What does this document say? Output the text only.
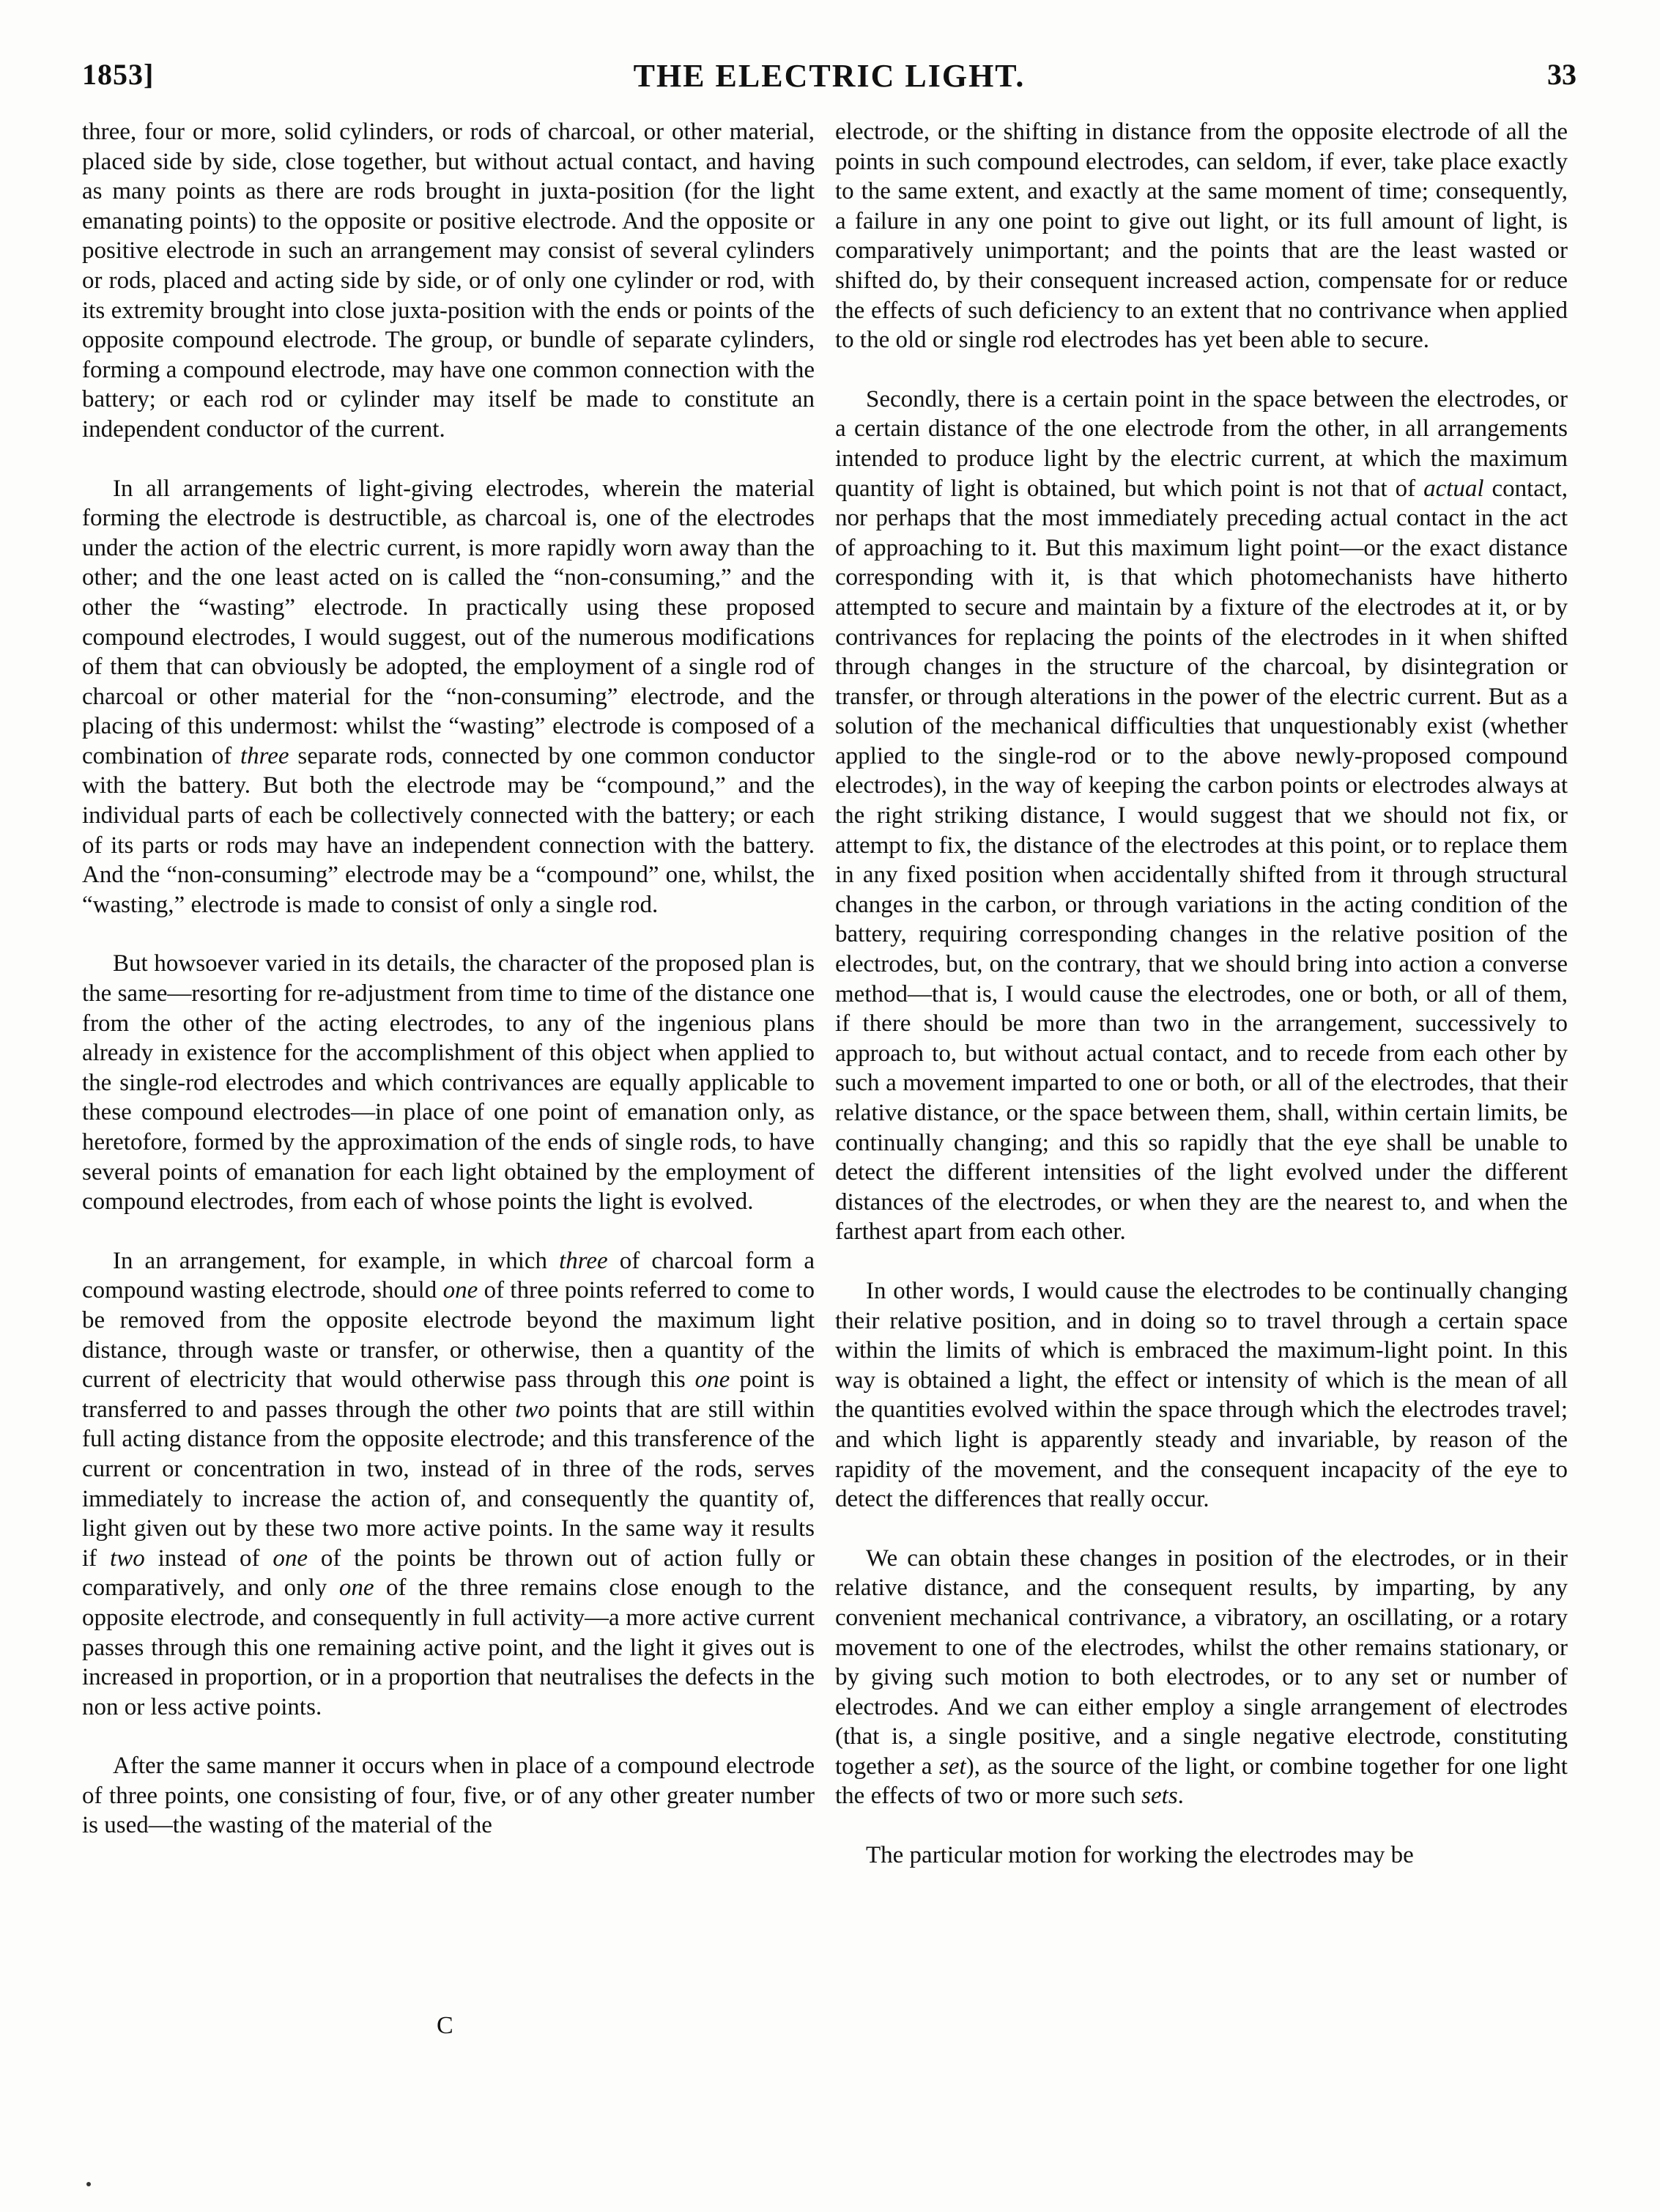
1853]	THE ELECTRIC LIGHT.	33

three, four or more, solid cylinders, or rods of charcoal, or other material, placed side by side, close together, but without actual contact, and having as many points as there are rods brought in juxta-position (for the light emanating points) to the opposite or positive electrode. And the opposite or positive electrode in such an arrangement may consist of several cylinders or rods, placed and acting side by side, or of only one cylinder or rod, with its extremity brought into close juxta-position with the ends or points of the opposite compound electrode. The group, or bundle of separate cylinders, forming a compound electrode, may have one common connection with the battery; or each rod or cylinder may itself be made to constitute an independent conductor of the current.

In all arrangements of light-giving electrodes, wherein the material forming the electrode is destructible, as charcoal is, one of the electrodes under the action of the electric current, is more rapidly worn away than the other; and the one least acted on is called the “non-consuming,” and the other the “wasting” electrode. In practically using these proposed compound electrodes, I would suggest, out of the numerous modifications of them that can obviously be adopted, the employment of a single rod of charcoal or other material for the “non-consuming” electrode, and the placing of this undermost: whilst the “wasting” electrode is composed of a combination of three separate rods, connected by one common conductor with the battery. But both the electrode may be “compound,” and the individual parts of each be collectively connected with the battery; or each of its parts or rods may have an independent connection with the battery. And the “non-consuming” electrode may be a “compound” one, whilst, the “wasting,” electrode is made to consist of only a single rod.

But howsoever varied in its details, the character of the proposed plan is the same—resorting for re-adjustment from time to time of the distance one from the other of the acting electrodes, to any of the ingenious plans already in existence for the accomplishment of this object when applied to the single-rod electrodes and which contrivances are equally applicable to these compound electrodes—in place of one point of emanation only, as heretofore, formed by the approximation of the ends of single rods, to have several points of emanation for each light obtained by the employment of compound electrodes, from each of whose points the light is evolved.

In an arrangement, for example, in which three of charcoal form a compound wasting electrode, should one of three points referred to come to be removed from the opposite electrode beyond the maximum light distance, through waste or transfer, or otherwise, then a quantity of the current of electricity that would otherwise pass through this one point is transferred to and passes through the other two points that are still within full acting distance from the opposite electrode; and this transference of the current or concentration in two, instead of in three of the rods, serves immediately to increase the action of, and consequently the quantity of, light given out by these two more active points. In the same way it results if two instead of one of the points be thrown out of action fully or comparatively, and only one of the three remains close enough to the opposite electrode, and consequently in full activity—a more active current passes through this one remaining active point, and the light it gives out is increased in proportion, or in a proportion that neutralises the defects in the non or less active points.

After the same manner it occurs when in place of a compound electrode of three points, one consisting of four, five, or of any other greater number is used—the wasting of the material of the

electrode, or the shifting in distance from the opposite electrode of all the points in such compound electrodes, can seldom, if ever, take place exactly to the same extent, and exactly at the same moment of time; consequently, a failure in any one point to give out light, or its full amount of light, is comparatively unimportant; and the points that are the least wasted or shifted do, by their consequent increased action, compensate for or reduce the effects of such deficiency to an extent that no contrivance when applied to the old or single rod electrodes has yet been able to secure.

Secondly, there is a certain point in the space between the electrodes, or a certain distance of the one electrode from the other, in all arrangements intended to produce light by the electric current, at which the maximum quantity of light is obtained, but which point is not that of actual contact, nor perhaps that the most immediately preceding actual contact in the act of approaching to it. But this maximum light point—or the exact distance corresponding with it, is that which photomechanists have hitherto attempted to secure and maintain by a fixture of the electrodes at it, or by contrivances for replacing the points of the electrodes in it when shifted through changes in the structure of the charcoal, by disintegration or transfer, or through alterations in the power of the electric current. But as a solution of the mechanical difficulties that unquestionably exist (whether applied to the single-rod or to the above newly-proposed compound electrodes), in the way of keeping the carbon points or electrodes always at the right striking distance, I would suggest that we should not fix, or attempt to fix, the distance of the electrodes at this point, or to replace them in any fixed position when accidentally shifted from it through structural changes in the carbon, or through variations in the acting condition of the battery, requiring corresponding changes in the relative position of the electrodes, but, on the contrary, that we should bring into action a converse method—that is, I would cause the electrodes, one or both, or all of them, if there should be more than two in the arrangement, successively to approach to, but without actual contact, and to recede from each other by such a movement imparted to one or both, or all of the electrodes, that their relative distance, or the space between them, shall, within certain limits, be continually changing; and this so rapidly that the eye shall be unable to detect the different intensities of the light evolved under the different distances of the electrodes, or when they are the nearest to, and when the farthest apart from each other.

In other words, I would cause the electrodes to be continually changing their relative position, and in doing so to travel through a certain space within the limits of which is embraced the maximum-light point. In this way is obtained a light, the effect or intensity of which is the mean of all the quantities evolved within the space through which the electrodes travel; and which light is apparently steady and invariable, by reason of the rapidity of the movement, and the consequent incapacity of the eye to detect the differences that really occur.

We can obtain these changes in position of the electrodes, or in their relative distance, and the consequent results, by imparting, by any convenient mechanical contrivance, a vibratory, an oscillating, or a rotary movement to one of the electrodes, whilst the other remains stationary, or by giving such motion to both electrodes, or to any set or number of electrodes. And we can either employ a single arrangement of electrodes (that is, a single positive, and a single negative electrode, constituting together a set), as the source of the light, or combine together for one light the effects of two or more such sets.

The particular motion for working the electrodes may be

C
